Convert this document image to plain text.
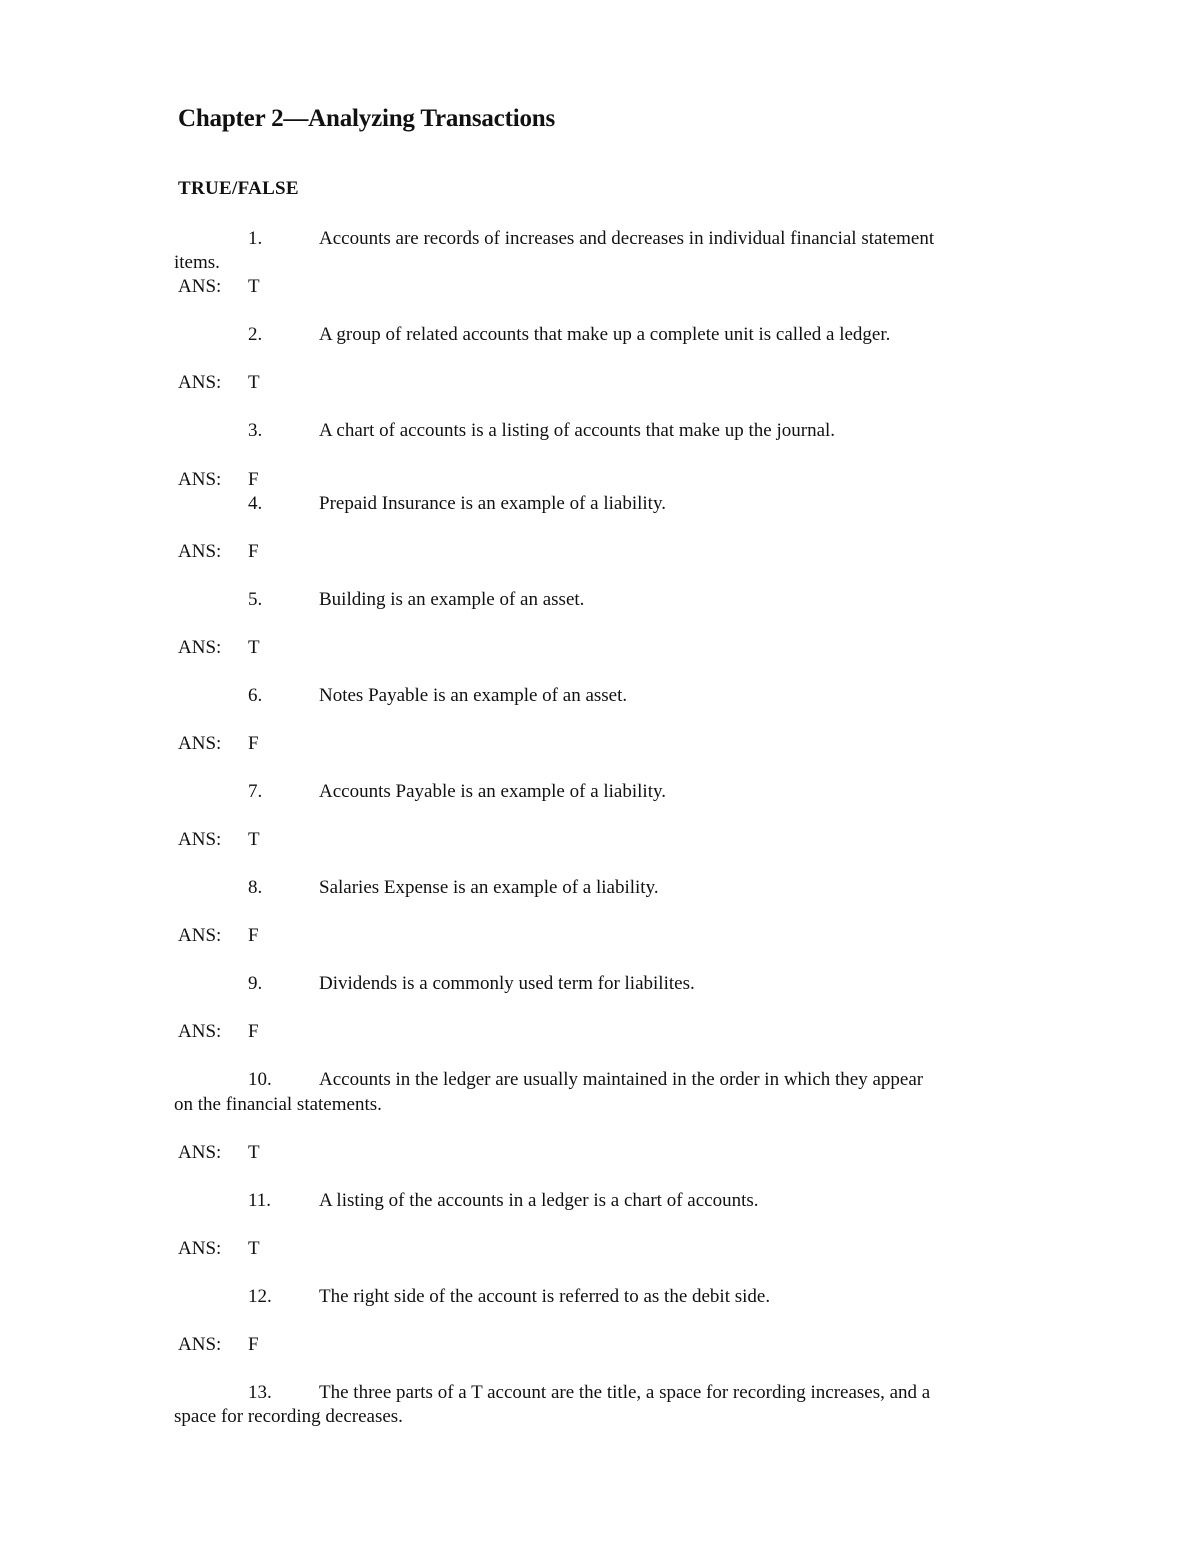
Chapter 2—Analyzing Transactions
TRUE/FALSE
1.	Accounts are records of increases and decreases in individual financial statement
items.
ANS: T
2.	A group of related accounts that make up a complete unit is called a ledger.
ANS: T
3.	A chart of accounts is a listing of accounts that make up the journal.
ANS: F
4.	Prepaid Insurance is an example of a liability.
ANS: F
5.	Building is an example of an asset.
ANS: T
6.	Notes Payable is an example of an asset.
ANS: F
7.	Accounts Payable is an example of a liability.
ANS: T
8.	Salaries Expense is an example of a liability.
ANS: F
9.	Dividends is a commonly used term for liabilites.
ANS: F
10. Accounts in the ledger are usually maintained in the order in which they appear
on the financial statements.
ANS: T
11.	A listing of the accounts in a ledger is a chart of accounts.
ANS: T
12. The right side of the account is referred to as the debit side.
ANS: F
13. The three parts of a T account are the title, a space for recording increases, and a
space for recording decreases.
